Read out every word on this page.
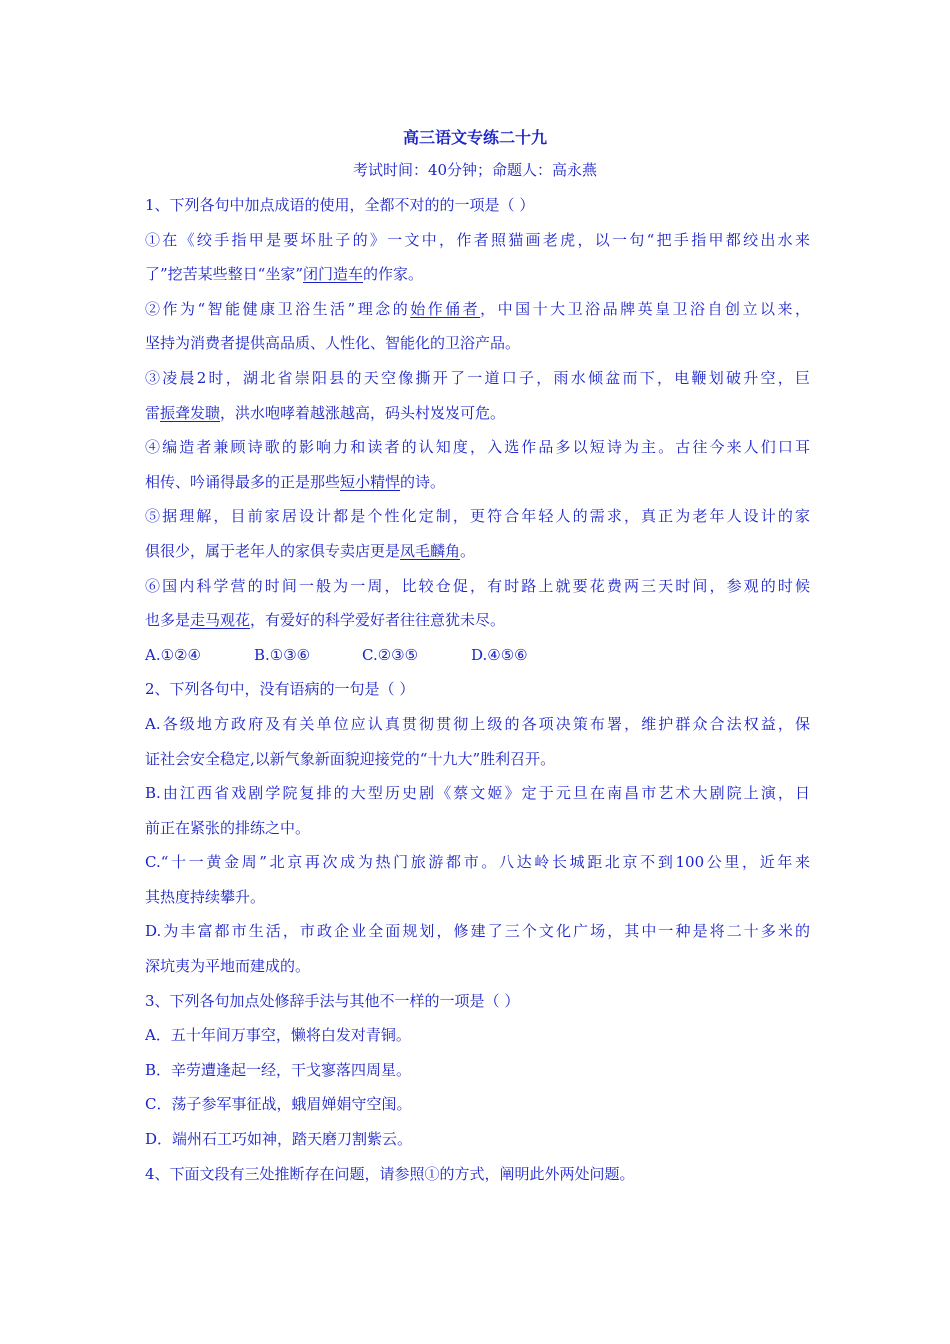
高三语文专练二十九
考试时间：40分钟；命题人：高永燕
1、下列各句中加点成语的使用，全都不对的的一项是（ ）
①在《绞手指甲是要坏肚子的》一文中，作者照猫画老虎，以一句“把手指甲都绞出水来
了”挖苦某些整日“坐家”闭门造车的作家。
②作为“智能健康卫浴生活”理念的始作俑者，中国十大卫浴品牌英皇卫浴自创立以来，
坚持为消费者提供高品质、人性化、智能化的卫浴产品。
③凌晨2时，湖北省崇阳县的天空像撕开了一道口子，雨水倾盆而下，电鞭划破升空，巨
雷振聋发聩，洪水咆哮着越涨越高，码头村岌岌可危。
④编造者兼顾诗歌的影响力和读者的认知度，入选作品多以短诗为主。古往今来人们口耳
相传、吟诵得最多的正是那些短小精悍的诗。
⑤据理解，目前家居设计都是个性化定制，更符合年轻人的需求，真正为老年人设计的家
俱很少，属于老年人的家俱专卖店更是凤毛麟角。
⑥国内科学营的时间一般为一周，比较仓促，有时路上就要花费两三天时间，参观的时候
也多是走马观花，有爱好的科学爱好者往往意犹未尽。
A.①②④	B.①③⑥	C.②③⑤	D.④⑤⑥
2、下列各句中，没有语病的一句是（ ）
A.各级地方政府及有关单位应认真贯彻贯彻上级的各项决策布署，维护群众合法权益，保
证社会安全稳定,以新气象新面貌迎接党的“十九大”胜利召开。
B.由江西省戏剧学院复排的大型历史剧《蔡文姬》定于元旦在南昌市艺术大剧院上演，日
前正在紧张的排练之中。
C.“十一黄金周”北京再次成为热门旅游都市。八达岭长城距北京不到100公里，近年来
其热度持续攀升。
D.为丰富都市生活，市政企业全面规划，修建了三个文化广场，其中一种是将二十多米的
深坑夷为平地而建成的。
3、下列各句加点处修辞手法与其他不一样的一项是（ ）
A．五十年间万事空，懒将白发对青铜。
B．辛劳遭逢起一经，干戈寥落四周星。
C．荡子参军事征战，蛾眉婵娟守空闺。
D．端州石工巧如神，踏天磨刀割紫云。
4、下面文段有三处推断存在问题，请参照①的方式，阐明此外两处问题。
